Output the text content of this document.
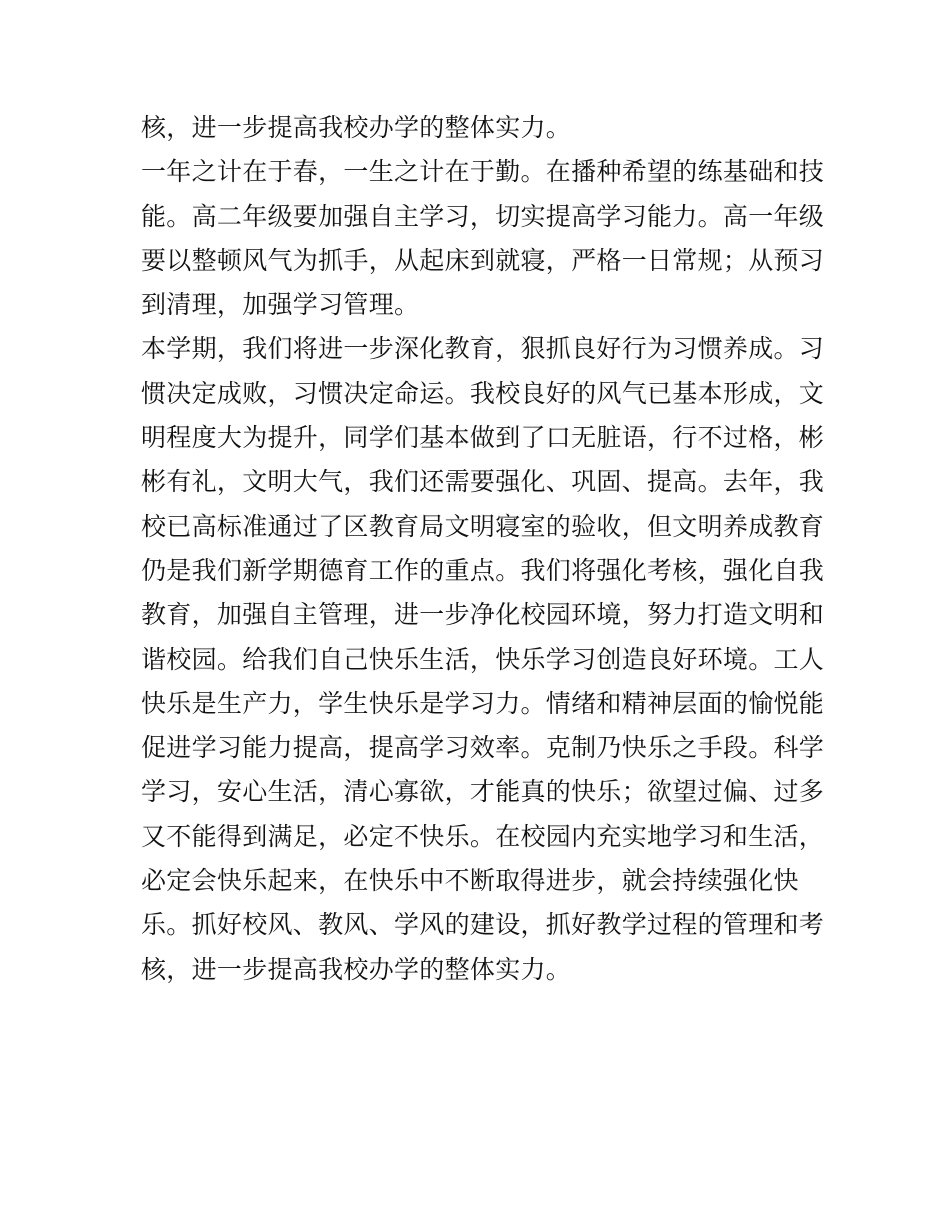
核，进一步提高我校办学的整体实力。
一年之计在于春，一生之计在于勤。在播种希望的练基础和技
能。高二年级要加强自主学习，切实提高学习能力。高一年级
要以整顿风气为抓手，从起床到就寝，严格一日常规；从预习
到清理，加强学习管理。
本学期，我们将进一步深化教育，狠抓良好行为习惯养成。习
惯决定成败，习惯决定命运。我校良好的风气已基本形成，文
明程度大为提升，同学们基本做到了口无脏语，行不过格，彬
彬有礼，文明大气，我们还需要强化、巩固、提高。去年，我
校已高标准通过了区教育局文明寝室的验收，但文明养成教育
仍是我们新学期德育工作的重点。我们将强化考核，强化自我
教育，加强自主管理，进一步净化校园环境，努力打造文明和
谐校园。给我们自己快乐生活，快乐学习创造良好环境。工人
快乐是生产力，学生快乐是学习力。情绪和精神层面的愉悦能
促进学习能力提高，提高学习效率。克制乃快乐之手段。科学
学习，安心生活，清心寡欲，才能真的快乐；欲望过偏、过多
又不能得到满足，必定不快乐。在校园内充实地学习和生活，
必定会快乐起来，在快乐中不断取得进步，就会持续强化快
乐。抓好校风、教风、学风的建设，抓好教学过程的管理和考
核，进一步提高我校办学的整体实力。
